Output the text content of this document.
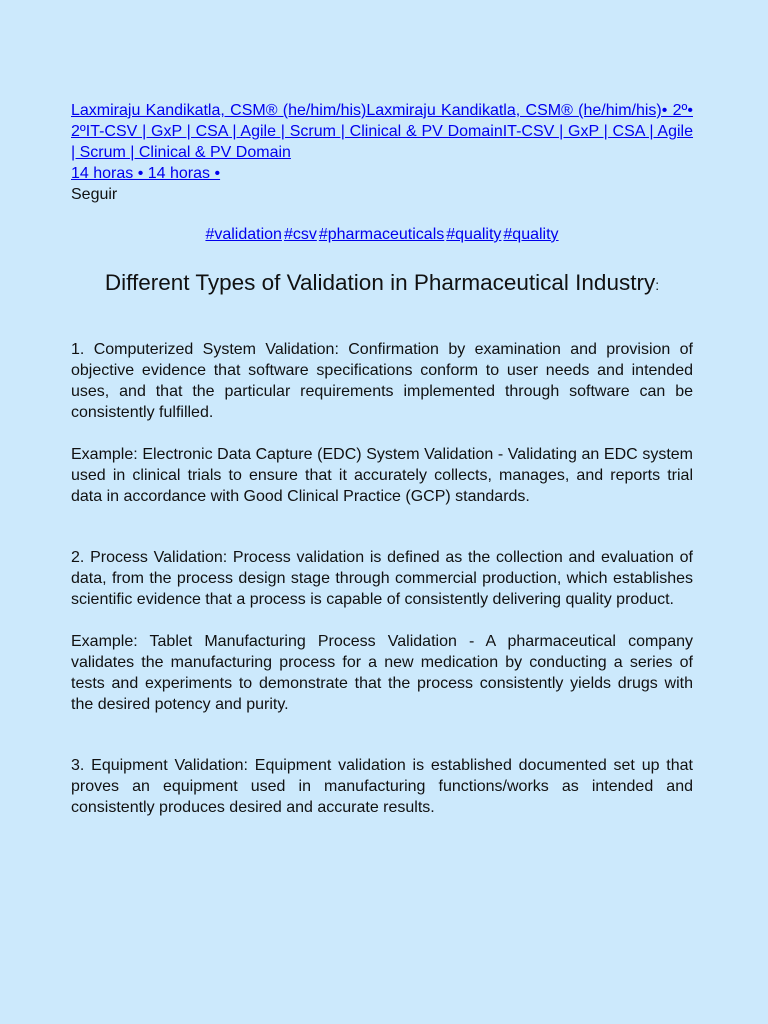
Laxmiraju Kandikatla, CSM® (he/him/his)Laxmiraju Kandikatla, CSM® (he/him/his)• 2º• 2ºIT-CSV | GxP | CSA | Agile | Scrum | Clinical & PV DomainIT-CSV | GxP | CSA | Agile | Scrum | Clinical & PV Domain
14 horas • 14 horas •
Seguir
#validation #csv #pharmaceuticals #quality #quality
Different Types of Validation in Pharmaceutical Industry:

1. Computerized System Validation: Confirmation by examination and provision of objective evidence that software specifications conform to user needs and intended uses, and that the particular requirements implemented through software can be consistently fulfilled.

Example: Electronic Data Capture (EDC) System Validation - Validating an EDC system used in clinical trials to ensure that it accurately collects, manages, and reports trial data in accordance with Good Clinical Practice (GCP) standards.

2. Process Validation: Process validation is defined as the collection and evaluation of data, from the process design stage through commercial production, which establishes scientific evidence that a process is capable of consistently delivering quality product.

Example: Tablet Manufacturing Process Validation - A pharmaceutical company validates the manufacturing process for a new medication by conducting a series of tests and experiments to demonstrate that the process consistently yields drugs with the desired potency and purity.

3. Equipment Validation: Equipment validation is established documented set up that proves an equipment used in manufacturing functions/works as intended and consistently produces desired and accurate results.
